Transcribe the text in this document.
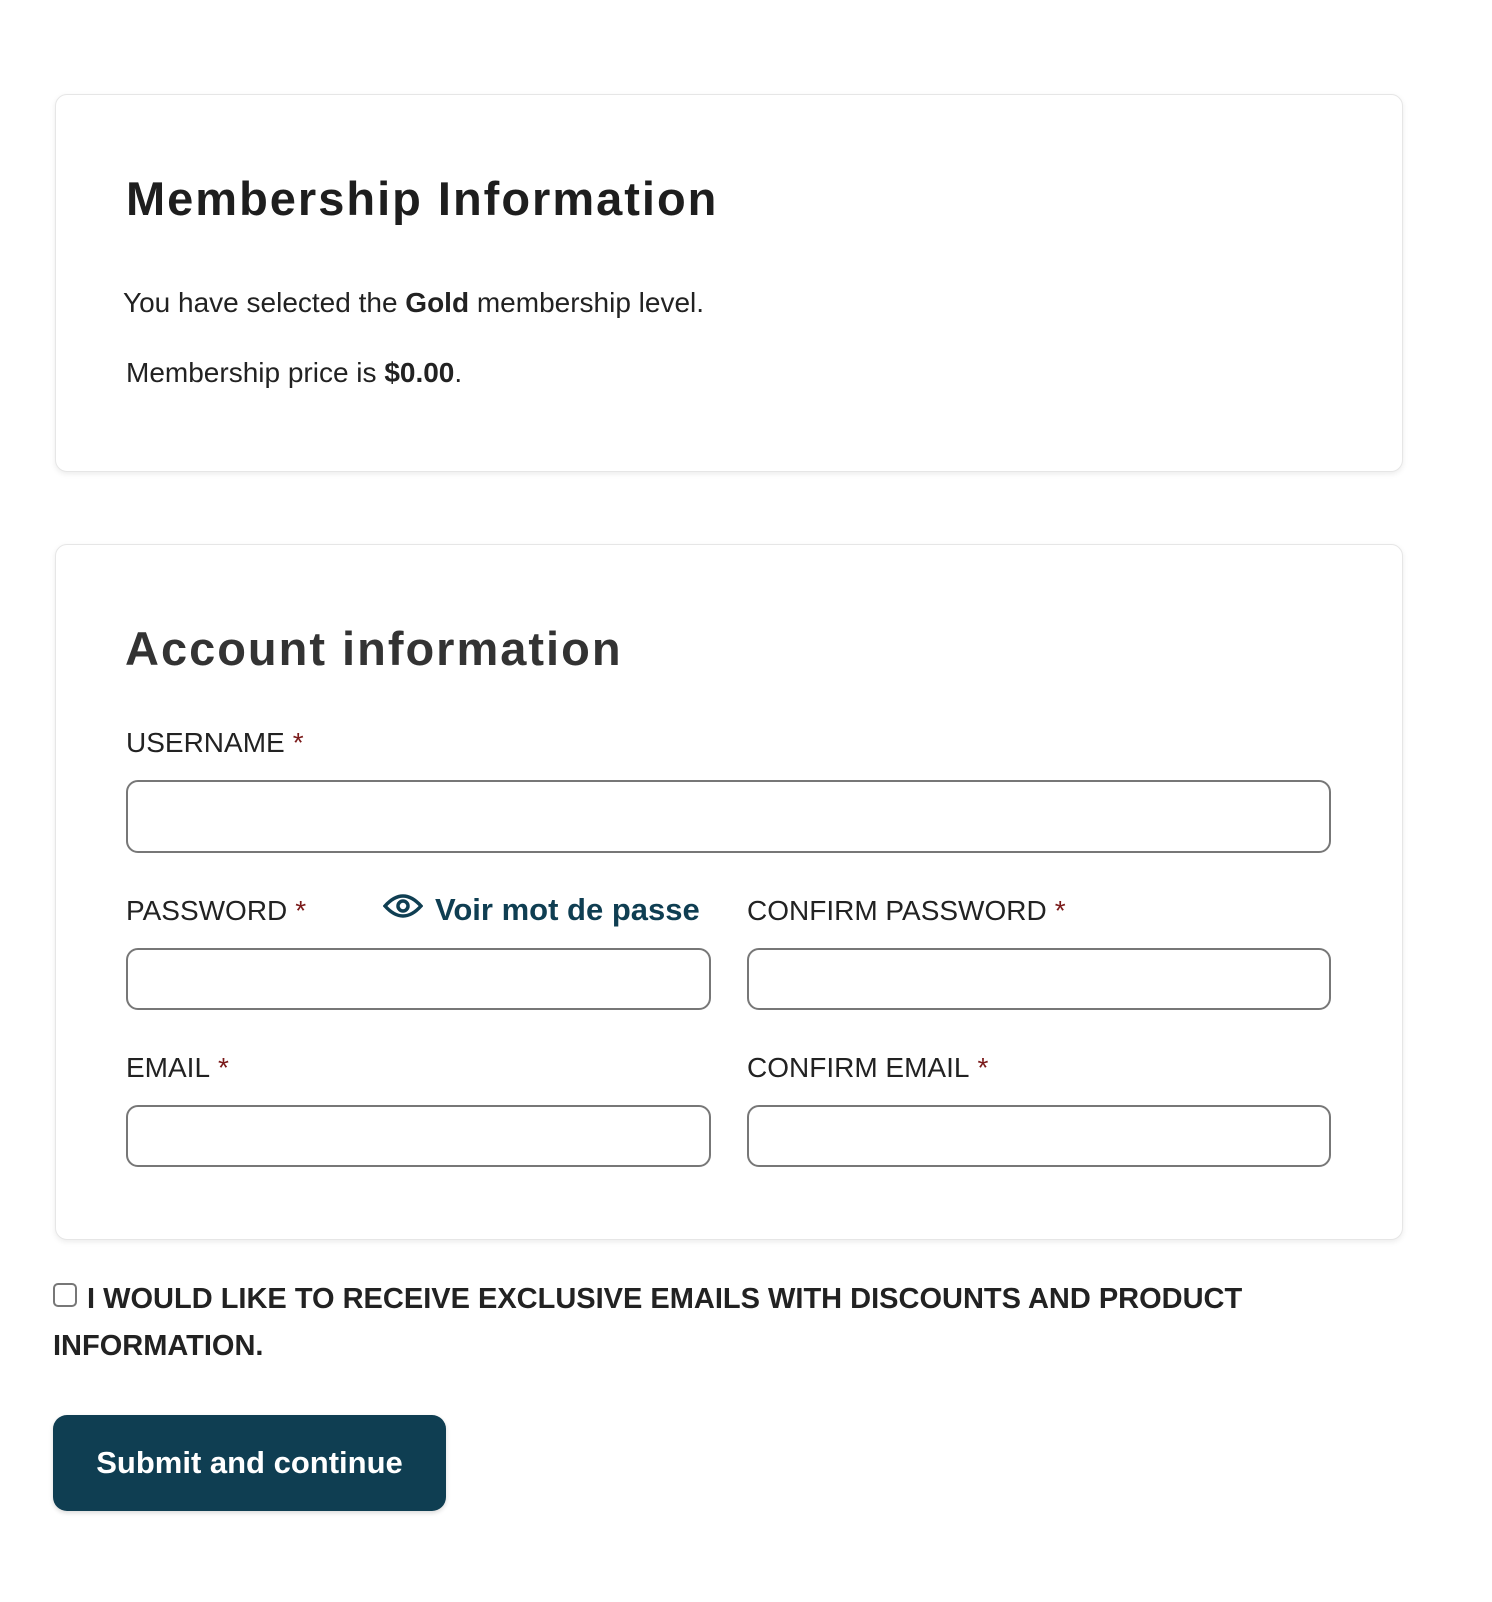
Membership Information
You have selected the Gold membership level.
Membership price is $0.00.
Account information
USERNAME *
PASSWORD *	Voir mot de passe CONFIRM PASSWORD *
EMAIL *	CONFIRM EMAIL *
I WOULD LIKE TO RECEIVE EXCLUSIVE EMAILS WITH DISCOUNTS AND PRODUCT INFORMATION.
Submit and continue
